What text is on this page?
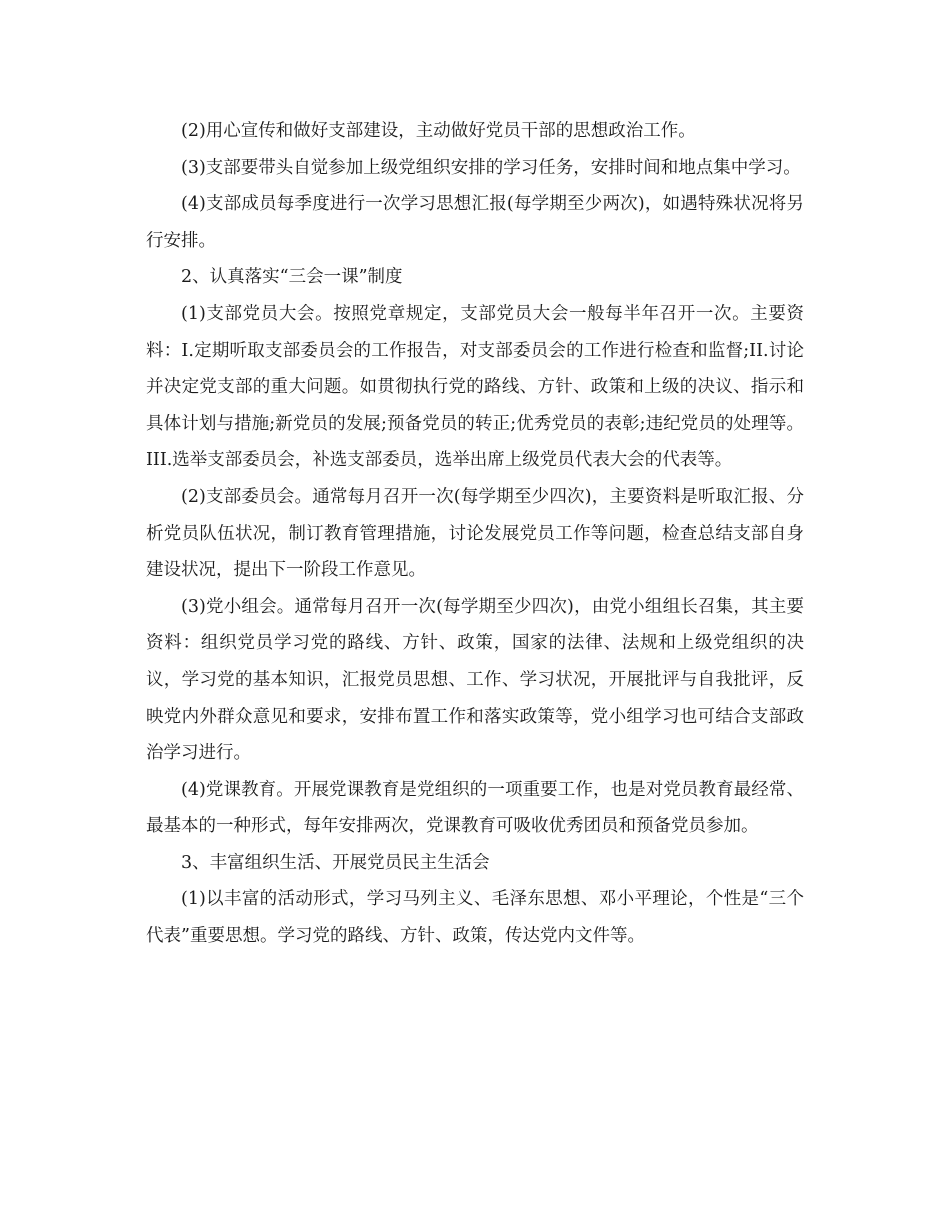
(2)用心宣传和做好支部建设，主动做好党员干部的思想政治工作。

(3)支部要带头自觉参加上级党组织安排的学习任务，安排时间和地点集中学习。

(4)支部成员每季度进行一次学习思想汇报(每学期至少两次)，如遇特殊状况将另行安排。

2、认真落实“三会一课”制度

(1)支部党员大会。按照党章规定，支部党员大会一般每半年召开一次。主要资料：I.定期听取支部委员会的工作报告，对支部委员会的工作进行检查和监督;II.讨论并决定党支部的重大问题。如贯彻执行党的路线、方针、政策和上级的决议、指示和具体计划与措施;新党员的发展;预备党员的转正;优秀党员的表彰;违纪党员的处理等。III.选举支部委员会，补选支部委员，选举出席上级党员代表大会的代表等。

(2)支部委员会。通常每月召开一次(每学期至少四次)，主要资料是听取汇报、分析党员队伍状况，制订教育管理措施，讨论发展党员工作等问题，检查总结支部自身建设状况，提出下一阶段工作意见。

(3)党小组会。通常每月召开一次(每学期至少四次)，由党小组组长召集，其主要资料：组织党员学习党的路线、方针、政策，国家的法律、法规和上级党组织的决议，学习党的基本知识，汇报党员思想、工作、学习状况，开展批评与自我批评，反映党内外群众意见和要求，安排布置工作和落实政策等，党小组学习也可结合支部政治学习进行。

(4)党课教育。开展党课教育是党组织的一项重要工作，也是对党员教育最经常、最基本的一种形式，每年安排两次，党课教育可吸收优秀团员和预备党员参加。

3、丰富组织生活、开展党员民主生活会

(1)以丰富的活动形式，学习马列主义、毛泽东思想、邓小平理论，个性是“三个代表”重要思想。学习党的路线、方针、政策，传达党内文件等。
